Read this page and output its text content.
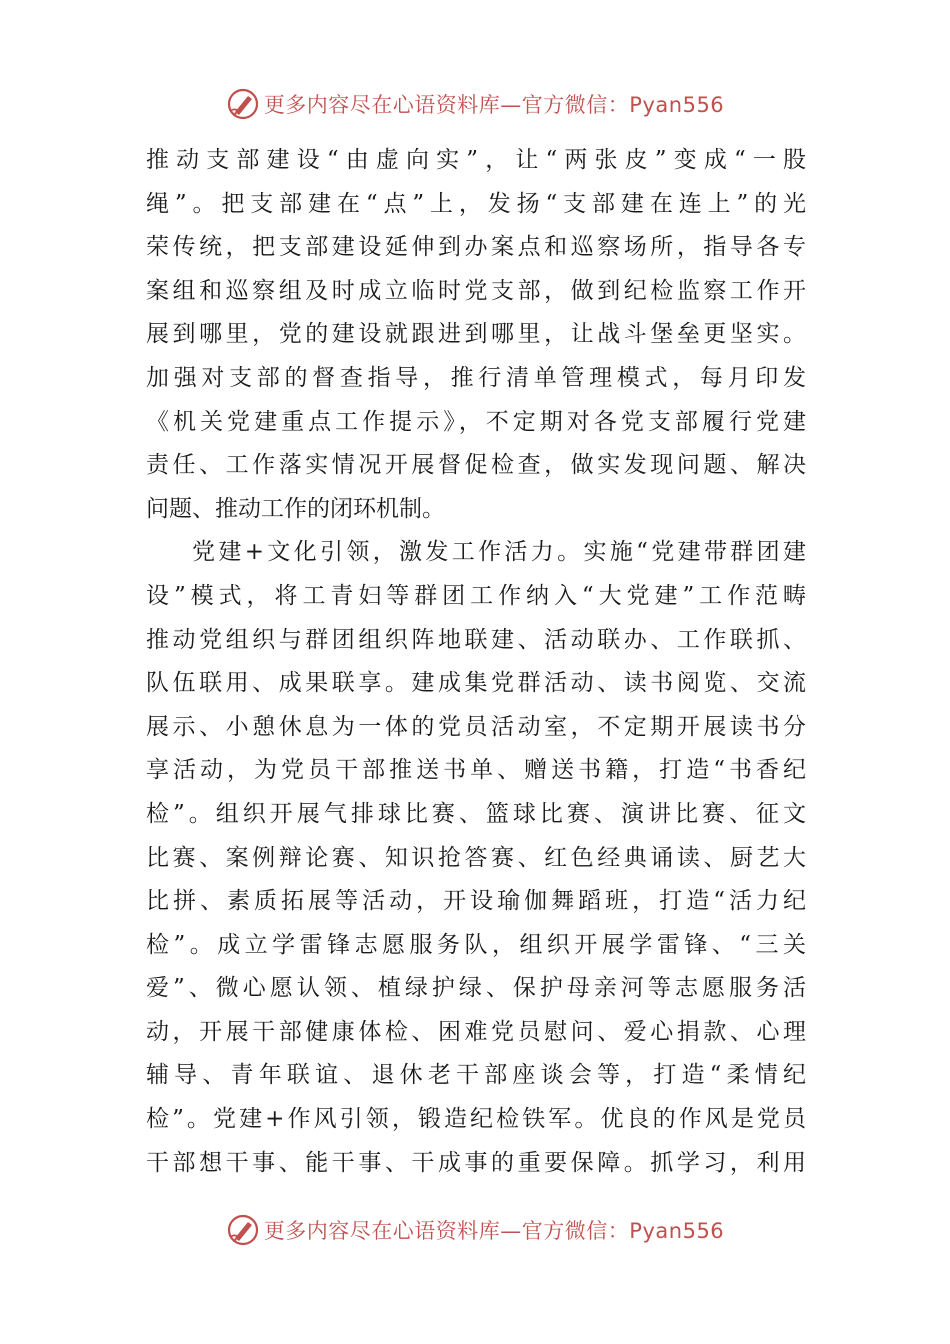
更多内容尽在心语资料库—官方微信：Pyan556
推动支部建设“由虚向实”，让“两张皮”变成“一股
绳”。把支部建在“点”上，发扬“支部建在连上”的光
荣传统，把支部建设延伸到办案点和巡察场所，指导各专
案组和巡察组及时成立临时党支部，做到纪检监察工作开
展到哪里，党的建设就跟进到哪里，让战斗堡垒更坚实。
加强对支部的督查指导，推行清单管理模式，每月印发
《机关党建重点工作提示》，不定期对各党支部履行党建
责任、工作落实情况开展督促检查，做实发现问题、解决
问题、推动工作的闭环机制。
党建+文化引领，激发工作活力。实施“党建带群团建
设”模式，将工青妇等群团工作纳入“大党建”工作范畴
推动党组织与群团组织阵地联建、活动联办、工作联抓、
队伍联用、成果联享。建成集党群活动、读书阅览、交流
展示、小憩休息为一体的党员活动室，不定期开展读书分
享活动，为党员干部推送书单、赠送书籍，打造“书香纪
检”。组织开展气排球比赛、篮球比赛、演讲比赛、征文
比赛、案例辩论赛、知识抢答赛、红色经典诵读、厨艺大
比拼、素质拓展等活动，开设瑜伽舞蹈班，打造“活力纪
检”。成立学雷锋志愿服务队，组织开展学雷锋、“三关
爱”、微心愿认领、植绿护绿、保护母亲河等志愿服务活
动，开展干部健康体检、困难党员慰问、爱心捐款、心理
辅导、青年联谊、退休老干部座谈会等，打造“柔情纪
检”。党建+作风引领，锻造纪检铁军。优良的作风是党员
干部想干事、能干事、干成事的重要保障。抓学习，利用
更多内容尽在心语资料库—官方微信：Pyan556
